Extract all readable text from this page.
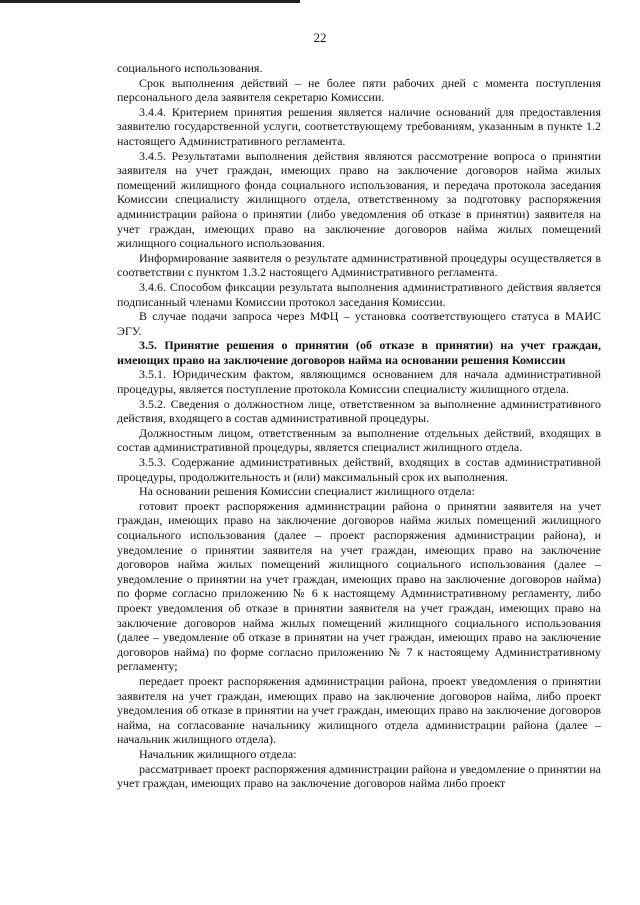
22

социального использования.

Срок выполнения действий – не более пяти рабочих дней с момента поступления персонального дела заявителя секретарю Комиссии.

3.4.4. Критерием принятия решения является наличие оснований для предоставления заявителю государственной услуги, соответствующему требованиям, указанным в пункте 1.2 настоящего Административного регламента.

3.4.5. Результатами выполнения действия являются рассмотрение вопроса о принятии заявителя на учет граждан, имеющих право на заключение договоров найма жилых помещений жилищного фонда социального использования, и передача протокола заседания Комиссии специалисту жилищного отдела, ответственному за подготовку распоряжения администрации района о принятии (либо уведомления об отказе в принятии) заявителя на учет граждан, имеющих право на заключение договоров найма жилых помещений жилищного социального использования.

Информирование заявителя о результате административной процедуры осуществляется в соответствии с пунктом 1.3.2 настоящего Административного регламента.

3.4.6. Способом фиксации результата выполнения административного действия является подписанный членами Комиссии протокол заседания Комиссии.

В случае подачи запроса через МФЦ – установка соответствующего статуса в МАИС ЭГУ.

3.5. Принятие решения о принятии (об отказе в принятии) на учет граждан, имеющих право на заключение договоров найма на основании решения Комиссии

3.5.1. Юридическим фактом, являющимся основанием для начала административной процедуры, является поступление протокола Комиссии специалисту жилищного отдела.

3.5.2. Сведения о должностном лице, ответственном за выполнение административного действия, входящего в состав административной процедуры.

Должностным лицом, ответственным за выполнение отдельных действий, входящих в состав административной процедуры, является специалист жилищного отдела.

3.5.3. Содержание административных действий, входящих в состав административной процедуры, продолжительность и (или) максимальный срок их выполнения.

На основании решения Комиссии специалист жилищного отдела:

готовит проект распоряжения администрации района о принятии заявителя на учет граждан, имеющих право на заключение договоров найма жилых помещений жилищного социального использования (далее – проект распоряжения администрации района), и уведомление о принятии заявителя на учет граждан, имеющих право на заключение договоров найма жилых помещений жилищного социального использования (далее – уведомление о принятии на учет граждан, имеющих право на заключение договоров найма) по форме согласно приложению № 6 к настоящему Административному регламенту, либо проект уведомления об отказе в принятии заявителя на учет граждан, имеющих право на заключение договоров найма жилых помещений жилищного социального использования (далее – уведомление об отказе в принятии на учет граждан, имеющих право на заключение договоров найма) по форме согласно приложению № 7 к настоящему Административному регламенту;

передает проект распоряжения администрации района, проект уведомления о принятии заявителя на учет граждан, имеющих право на заключение договоров найма, либо проект уведомления об отказе в принятии на учет граждан, имеющих право на заключение договоров найма, на согласование начальнику жилищного отдела администрации района (далее – начальник жилищного отдела).

Начальник жилищного отдела:

рассматривает проект распоряжения администрации района и уведомление о принятии на учет граждан, имеющих право на заключение договоров найма либо проект
